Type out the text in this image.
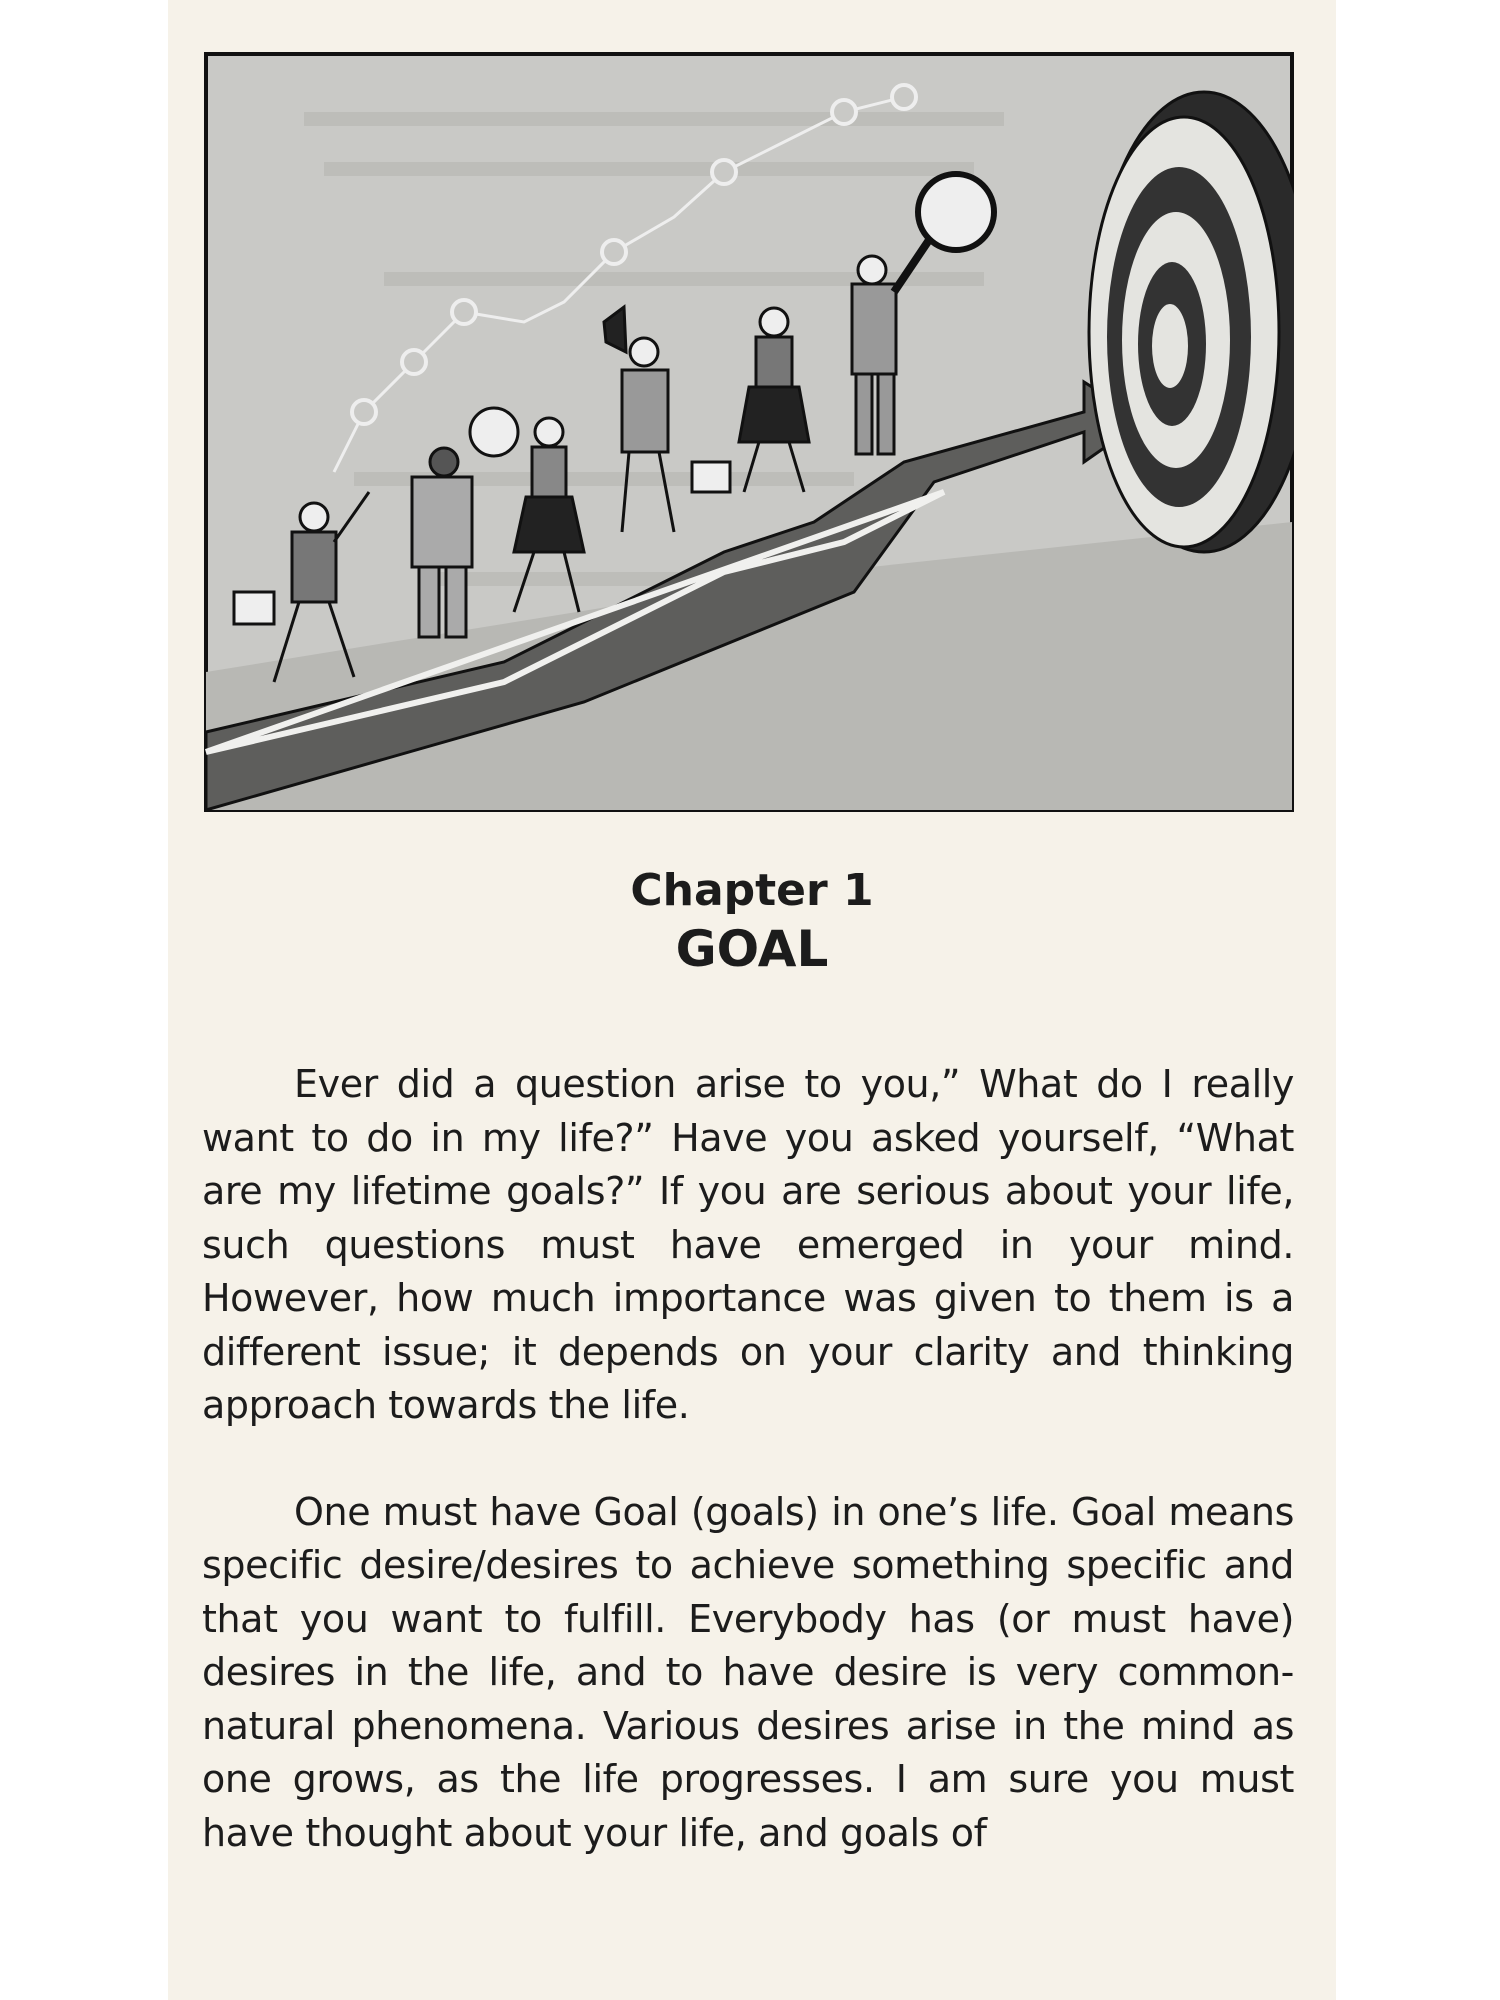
Chapter 1
GOAL

Ever did a question arise to you,” What do I really want to do in my life?” Have you asked yourself, “What are my lifetime goals?” If you are serious about your life, such questions must have emerged in your mind. However, how much importance was given to them is a different issue; it depends on your clarity and thinking approach towards the life.

One must have Goal (goals) in one’s life. Goal means specific desire/desires to achieve something specific and that you want to fulfill. Everybody has (or must have) desires in the life, and to have desire is very common- natural phenomena. Various desires arise in the mind as one grows, as the life progresses. I am sure you must have thought about your life, and goals of
